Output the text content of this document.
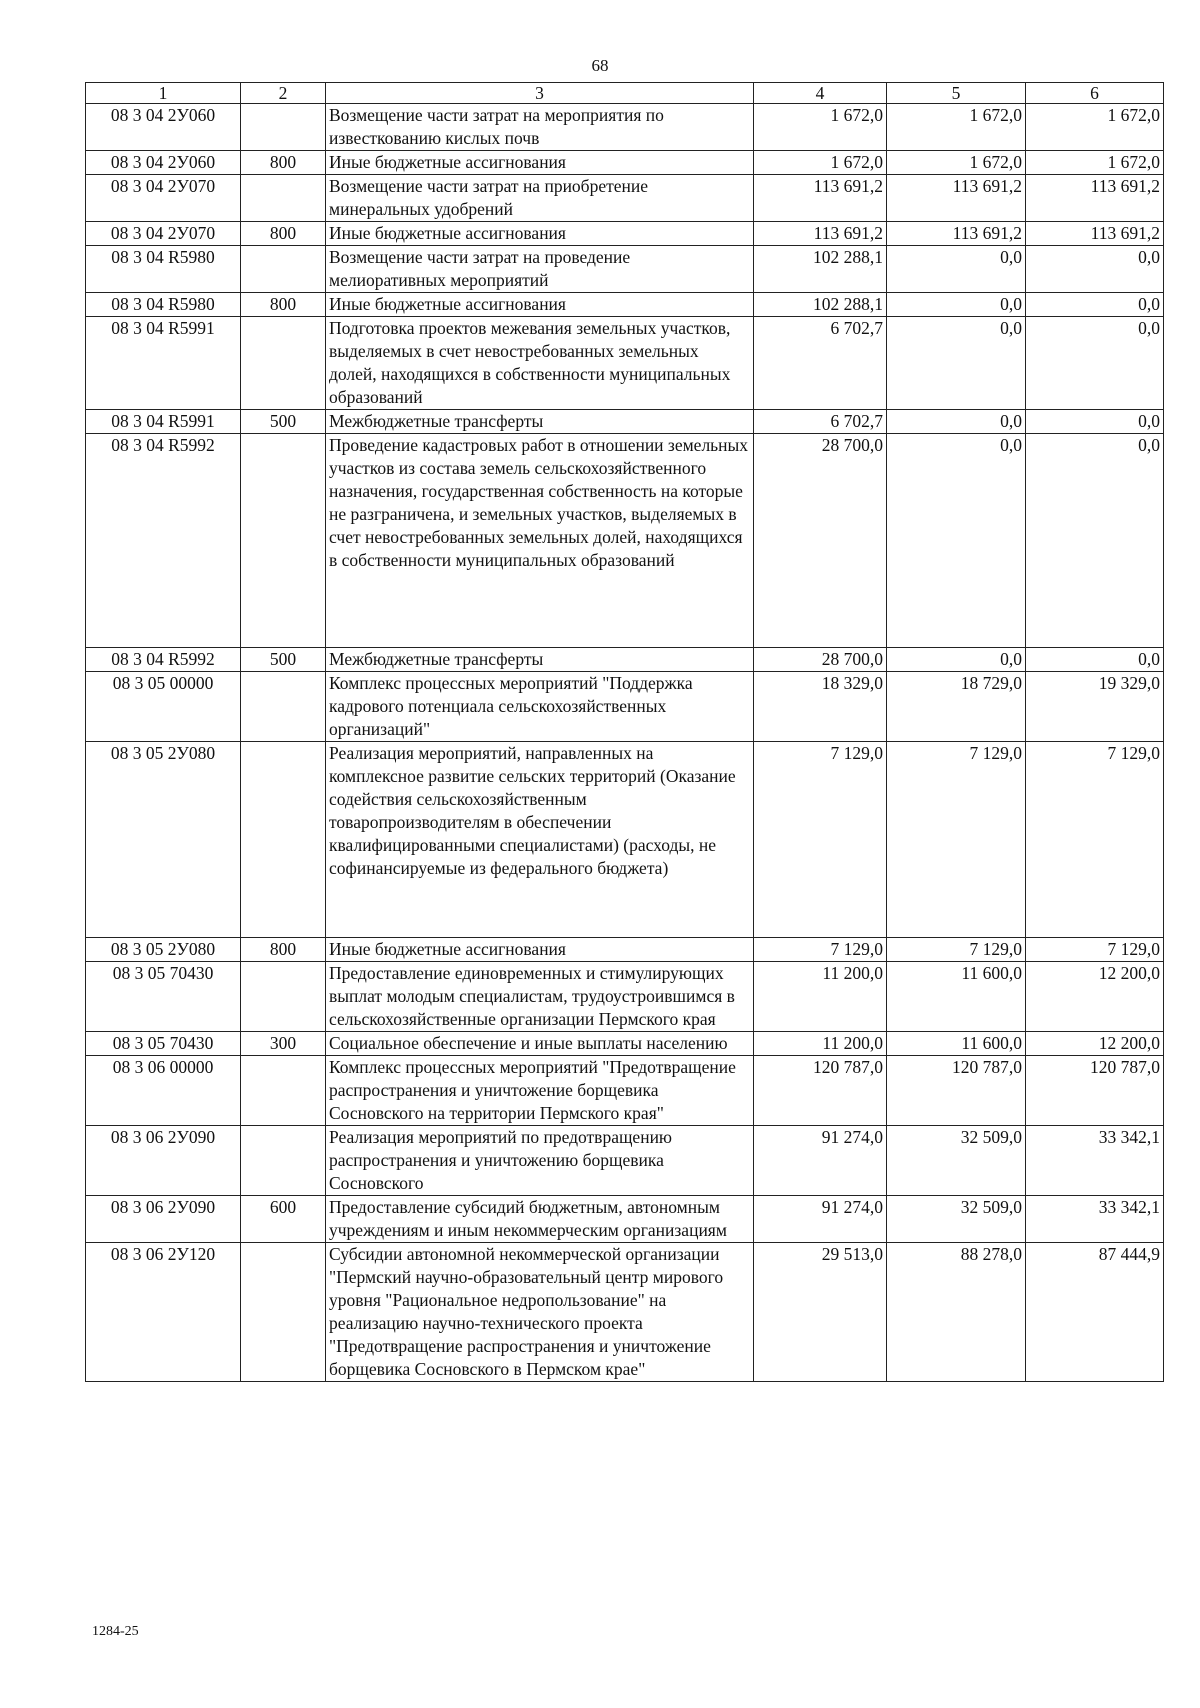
68
1	2	3	4	5	6
08 3 04 2У060		Возмещение части затрат на мероприятия по известкованию кислых почв	1 672,0	1 672,0	1 672,0
08 3 04 2У060	800	Иные бюджетные ассигнования	1 672,0	1 672,0	1 672,0
08 3 04 2У070		Возмещение части затрат на приобретение минеральных удобрений	113 691,2	113 691,2	113 691,2
08 3 04 2У070	800	Иные бюджетные ассигнования	113 691,2	113 691,2	113 691,2
08 3 04 R5980		Возмещение части затрат на проведение мелиоративных мероприятий	102 288,1	0,0	0,0
08 3 04 R5980	800	Иные бюджетные ассигнования	102 288,1	0,0	0,0
08 3 04 R5991		Подготовка проектов межевания земельных участков, выделяемых в счет невостребованных земельных долей, находящихся в собственности муниципальных образований	6 702,7	0,0	0,0
08 3 04 R5991	500	Межбюджетные трансферты	6 702,7	0,0	0,0
08 3 04 R5992		Проведение кадастровых работ в отношении земельных участков из состава земель сельскохозяйственного назначения, государственная собственность на которые не разграничена, и земельных участков, выделяемых в счет невостребованных земельных долей, находящихся в собственности муниципальных образований	28 700,0	0,0	0,0
08 3 04 R5992	500	Межбюджетные трансферты	28 700,0	0,0	0,0
08 3 05 00000		Комплекс процессных мероприятий "Поддержка кадрового потенциала сельскохозяйственных организаций"	18 329,0	18 729,0	19 329,0
08 3 05 2У080		Реализация мероприятий, направленных на комплексное развитие сельских территорий (Оказание содействия сельскохозяйственным товаропроизводителям в обеспечении квалифицированными специалистами) (расходы, не софинансируемые из федерального бюджета)	7 129,0	7 129,0	7 129,0
08 3 05 2У080	800	Иные бюджетные ассигнования	7 129,0	7 129,0	7 129,0
08 3 05 70430		Предоставление единовременных и стимулирующих выплат молодым специалистам, трудоустроившимся в сельскохозяйственные организации Пермского края	11 200,0	11 600,0	12 200,0
08 3 05 70430	300	Социальное обеспечение и иные выплаты населению	11 200,0	11 600,0	12 200,0
08 3 06 00000		Комплекс процессных мероприятий "Предотвращение распространения и уничтожение борщевика Сосновского на территории Пермского края"	120 787,0	120 787,0	120 787,0
08 3 06 2У090		Реализация мероприятий по предотвращению распространения и уничтожению борщевика Сосновского	91 274,0	32 509,0	33 342,1
08 3 06 2У090	600	Предоставление субсидий бюджетным, автономным учреждениям и иным некоммерческим организациям	91 274,0	32 509,0	33 342,1
08 3 06 2У120		Субсидии автономной некоммерческой организации "Пермский научно-образовательный центр мирового уровня "Рациональное недропользование" на реализацию научно-технического проекта "Предотвращение распространения и уничтожение борщевика Сосновского в Пермском крае"	29 513,0	88 278,0	87 444,9
1284-25
